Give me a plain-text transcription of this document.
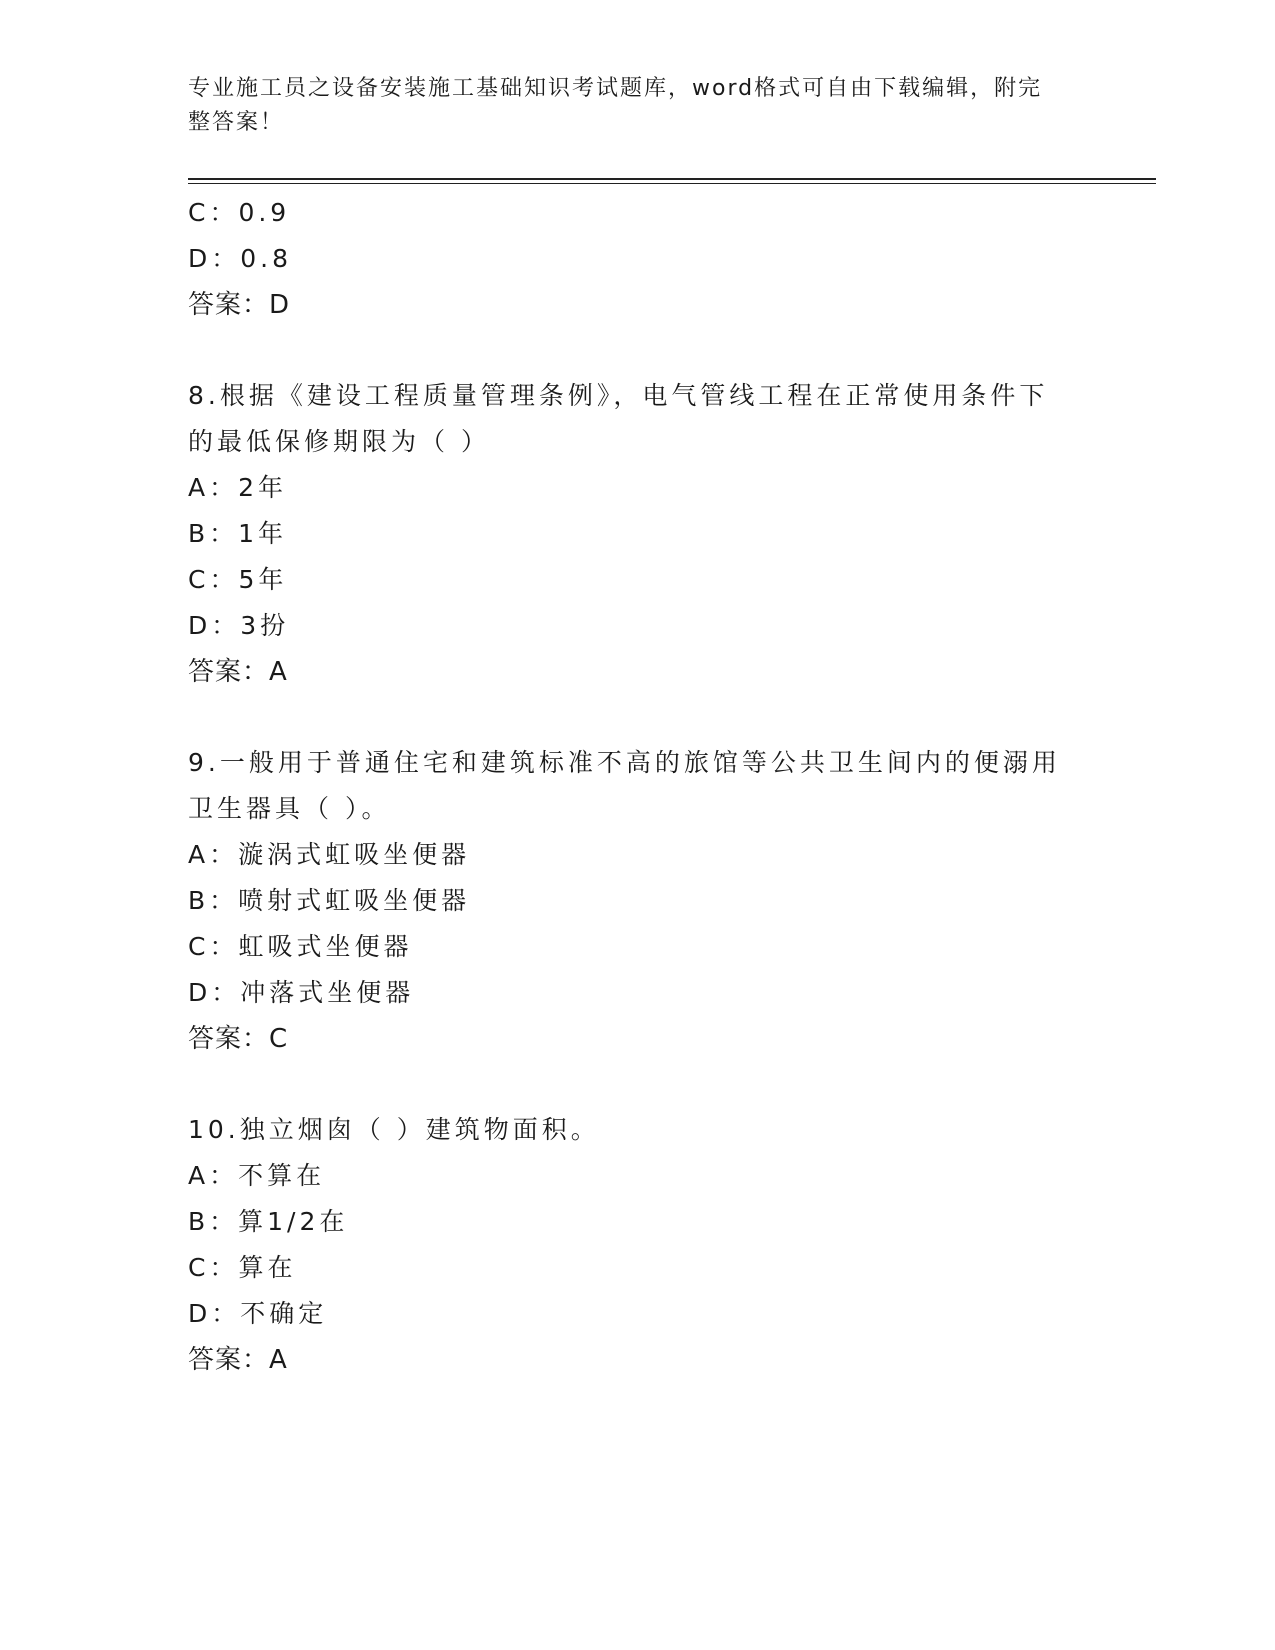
专业施工员之设备安装施工基础知识考试题库，word格式可自由下载编辑，附完
整答案！
C：0.9
D：0.8
答案：D
8.根据《建设工程质量管理条例》，电气管线工程在正常使用条件下
的最低保修期限为（ ）
A：2年
B：1年
C：5年
D：3扮
答案：A
9.一般用于普通住宅和建筑标准不高的旅馆等公共卫生间内的便溺用
卫生器具（ ）。
A：漩涡式虹吸坐便器
B：喷射式虹吸坐便器
C：虹吸式坐便器
D：冲落式坐便器
答案：C
10.独立烟囱（ ）建筑物面积。
A：不算在
B：算1/2在
C：算在
D：不确定
答案：A
